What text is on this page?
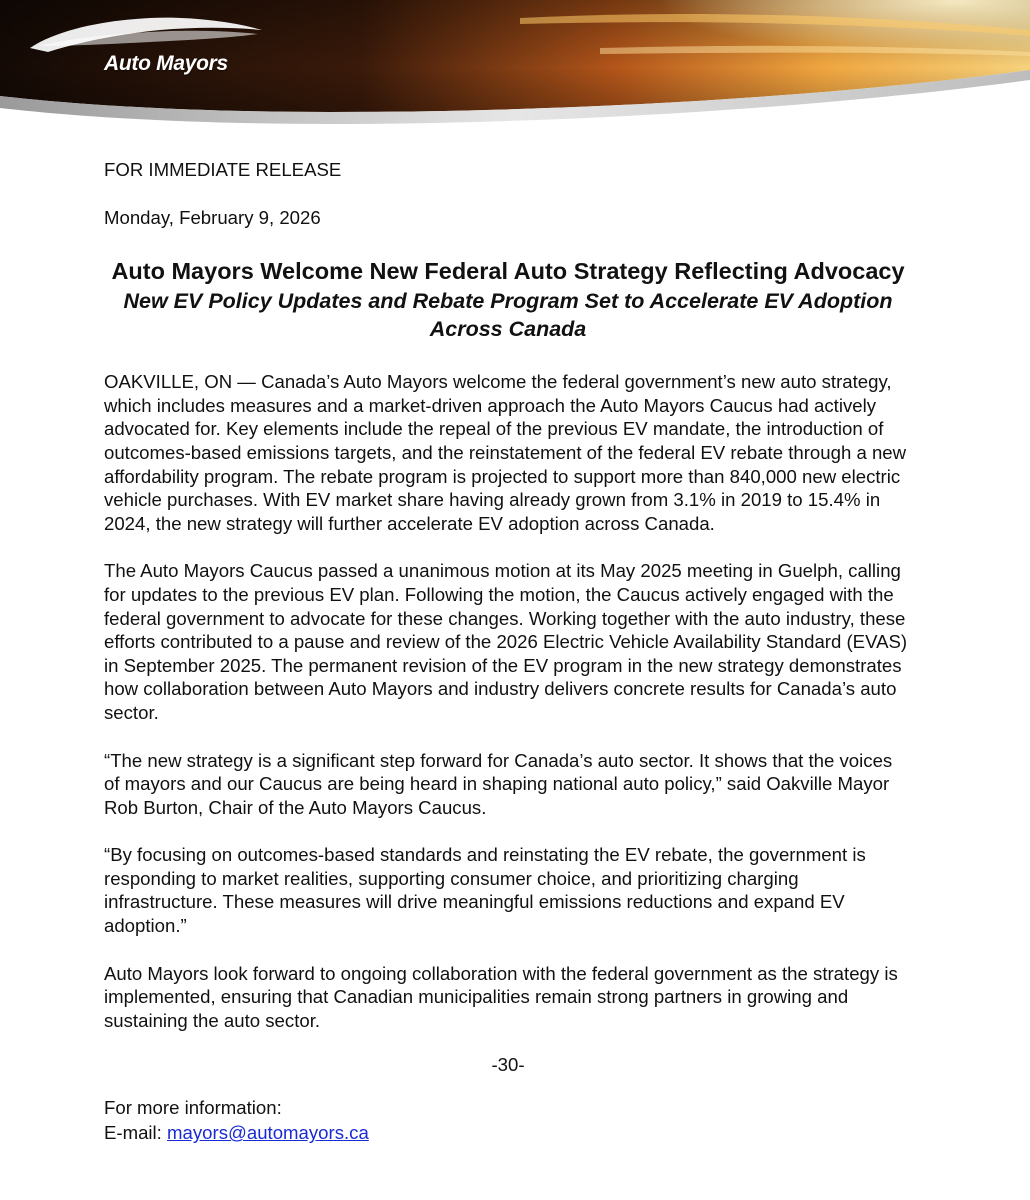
Auto Mayors

FOR IMMEDIATE RELEASE

Monday, February 9, 2026

Auto Mayors Welcome New Federal Auto Strategy Reflecting Advocacy
New EV Policy Updates and Rebate Program Set to Accelerate EV Adoption Across Canada

OAKVILLE, ON — Canada’s Auto Mayors welcome the federal government’s new auto strategy, which includes measures and a market-driven approach the Auto Mayors Caucus had actively advocated for. Key elements include the repeal of the previous EV mandate, the introduction of outcomes-based emissions targets, and the reinstatement of the federal EV rebate through a new affordability program. The rebate program is projected to support more than 840,000 new electric vehicle purchases. With EV market share having already grown from 3.1% in 2019 to 15.4% in 2024, the new strategy will further accelerate EV adoption across Canada.

The Auto Mayors Caucus passed a unanimous motion at its May 2025 meeting in Guelph, calling for updates to the previous EV plan. Following the motion, the Caucus actively engaged with the federal government to advocate for these changes. Working together with the auto industry, these efforts contributed to a pause and review of the 2026 Electric Vehicle Availability Standard (EVAS) in September 2025. The permanent revision of the EV program in the new strategy demonstrates how collaboration between Auto Mayors and industry delivers concrete results for Canada’s auto sector.

“The new strategy is a significant step forward for Canada’s auto sector. It shows that the voices of mayors and our Caucus are being heard in shaping national auto policy,” said Oakville Mayor Rob Burton, Chair of the Auto Mayors Caucus.

“By focusing on outcomes-based standards and reinstating the EV rebate, the government is responding to market realities, supporting consumer choice, and prioritizing charging infrastructure. These measures will drive meaningful emissions reductions and expand EV adoption.”

Auto Mayors look forward to ongoing collaboration with the federal government as the strategy is implemented, ensuring that Canadian municipalities remain strong partners in growing and sustaining the auto sector.

-30-

For more information:

E-mail: mayors@automayors.ca
